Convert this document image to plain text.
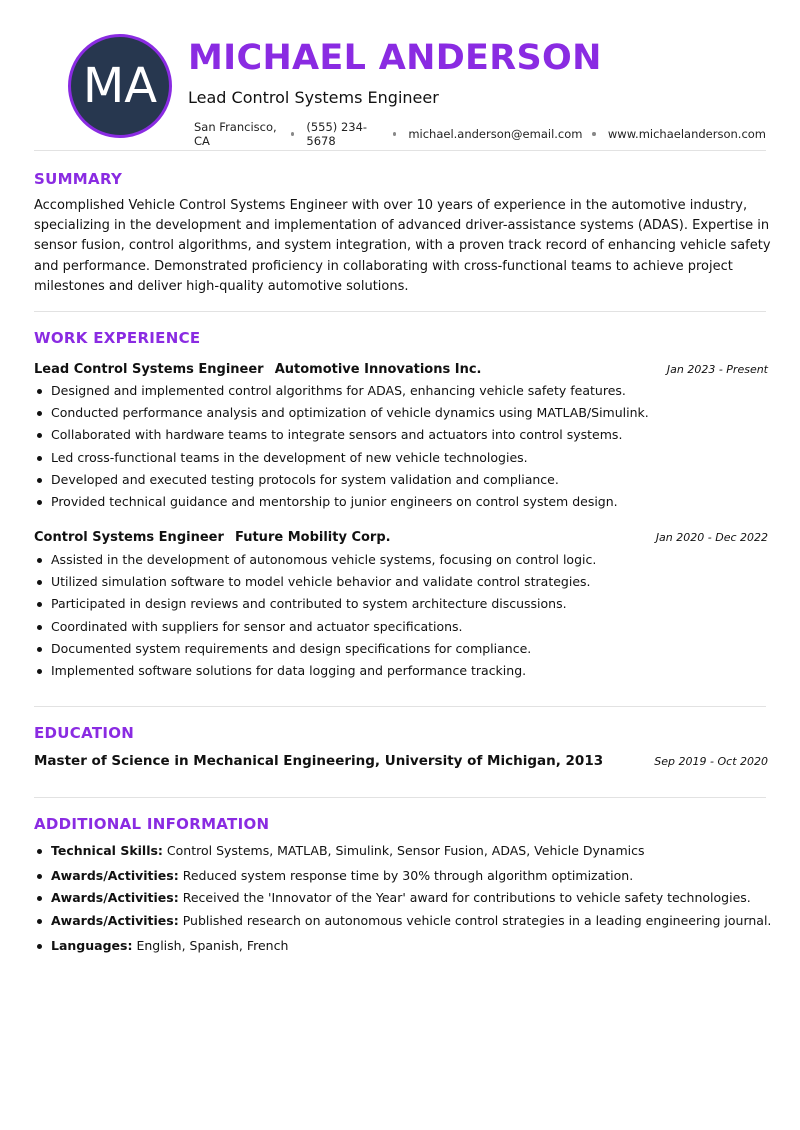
MA MICHAEL ANDERSON
Lead Control Systems Engineer
San Francisco, CA
(555) 234-5678	michael.anderson@email.com www.michaelanderson.com
SUMMARY
Accomplished Vehicle Control Systems Engineer with over 10 years of experience in the automotive industry, specializing in the development and implementation of advanced driver-assistance systems (ADAS). Expertise in sensor fusion, control algorithms, and system integration, with a proven track record of enhancing vehicle safety and performance. Demonstrated proficiency in collaborating with cross-functional teams to achieve project milestones and deliver high-quality automotive solutions.
WORK EXPERIENCE
Lead Control Systems Engineer Automotive Innovations Inc.	Jan 2023 - Present
Designed and implemented control algorithms for ADAS, enhancing vehicle safety features.
Conducted performance analysis and optimization of vehicle dynamics using MATLAB/Simulink.
Collaborated with hardware teams to integrate sensors and actuators into control systems.
Led cross-functional teams in the development of new vehicle technologies.
Developed and executed testing protocols for system validation and compliance.
Provided technical guidance and mentorship to junior engineers on control system design.
Control Systems Engineer Future Mobility Corp.	Jan 2020 - Dec 2022
Assisted in the development of autonomous vehicle systems, focusing on control logic.
Utilized simulation software to model vehicle behavior and validate control strategies.
Participated in design reviews and contributed to system architecture discussions.
Coordinated with suppliers for sensor and actuator specifications.
Documented system requirements and design specifications for compliance.
Implemented software solutions for data logging and performance tracking.
EDUCATION
Master of Science in Mechanical Engineering, University of Michigan, 2013	Sep 2019 - Oct 2020
ADDITIONAL INFORMATION
Technical Skills: Control Systems, MATLAB, Simulink, Sensor Fusion, ADAS, Vehicle Dynamics
Awards/Activities: Reduced system response time by 30% through algorithm optimization.
Awards/Activities: Received the 'Innovator of the Year' award for contributions to vehicle safety technologies.
Awards/Activities: Published research on autonomous vehicle control strategies in a leading engineering journal.
Languages: English, Spanish, French
